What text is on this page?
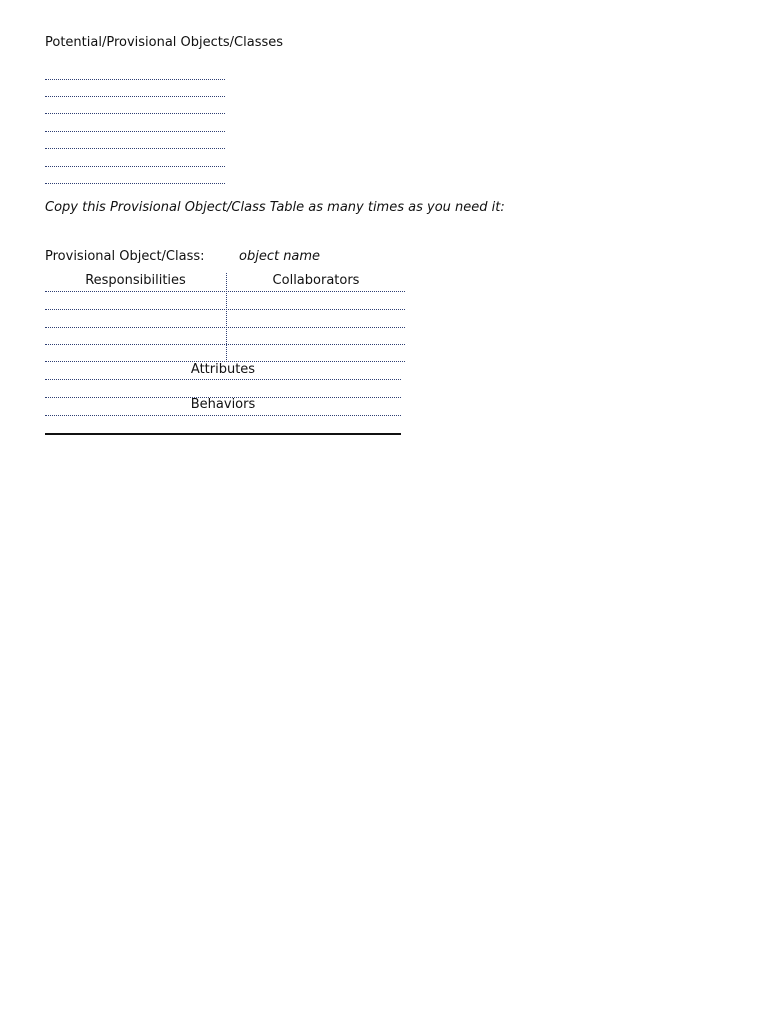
Potential/Provisional Objects/Classes
Copy this Provisional Object/Class Table as many times as you need it:
Provisional Object/Class:	object name
Responsibilities	Collaborators
Attributes
Behaviors
